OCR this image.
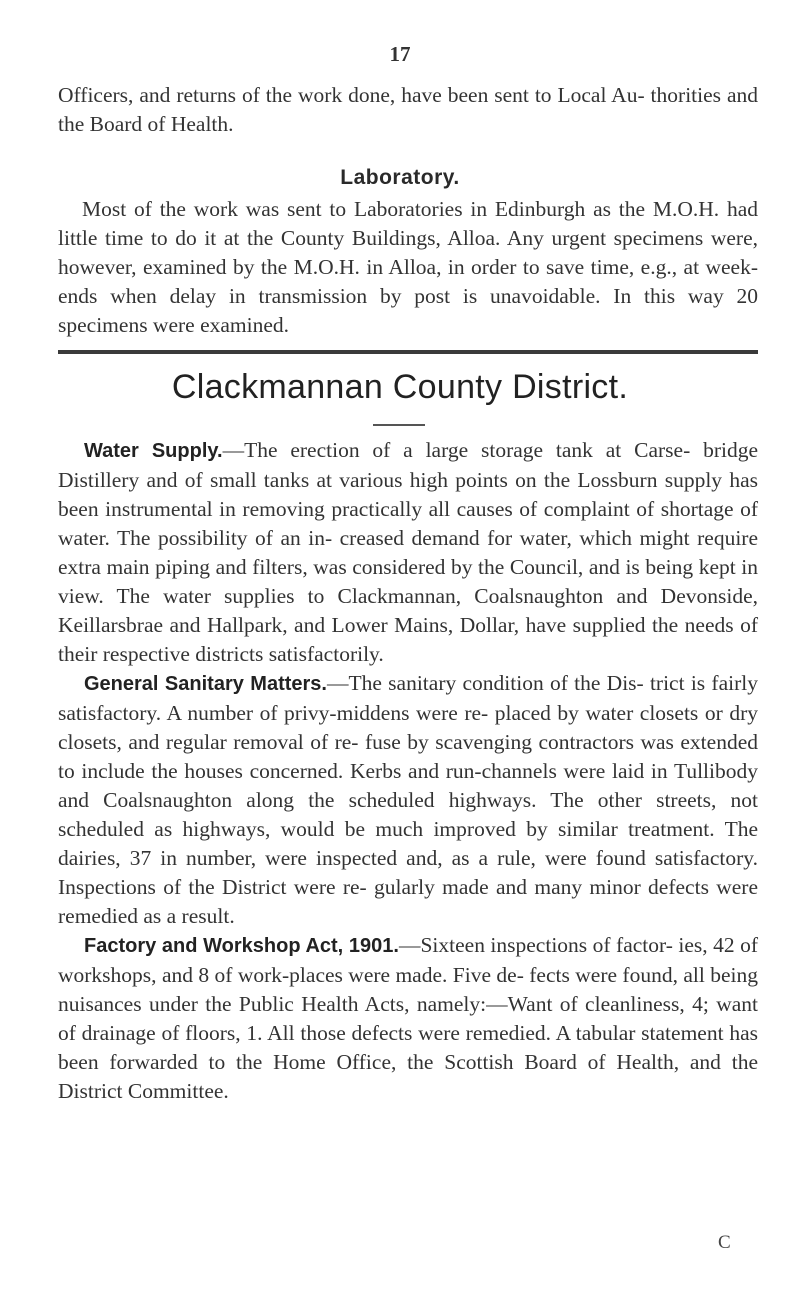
17

Officers, and returns of the work done, have been sent to Local Au- thorities and the Board of Health.

Laboratory.

Most of the work was sent to Laboratories in Edinburgh as the M.O.H. had little time to do it at the County Buildings, Alloa. Any urgent specimens were, however, examined by the M.O.H. in Alloa, in order to save time, e.g., at week-ends when delay in transmission by post is unavoidable. In this way 20 specimens were examined.

Clackmannan County District.

Water Supply.—The erection of a large storage tank at Carse- bridge Distillery and of small tanks at various high points on the Lossburn supply has been instrumental in removing practically all causes of complaint of shortage of water. The possibility of an in- creased demand for water, which might require extra main piping and filters, was considered by the Council, and is being kept in view. The water supplies to Clackmannan, Coalsnaughton and Devonside, Keillarsbrae and Hallpark, and Lower Mains, Dollar, have supplied the needs of their respective districts satisfactorily.

General Sanitary Matters.—The sanitary condition of the Dis- trict is fairly satisfactory. A number of privy-middens were re- placed by water closets or dry closets, and regular removal of re- fuse by scavenging contractors was extended to include the houses concerned. Kerbs and run-channels were laid in Tullibody and Coalsnaughton along the scheduled highways. The other streets, not scheduled as highways, would be much improved by similar treatment. The dairies, 37 in number, were inspected and, as a rule, were found satisfactory. Inspections of the District were re- gularly made and many minor defects were remedied as a result.

Factory and Workshop Act, 1901.—Sixteen inspections of factor- ies, 42 of workshops, and 8 of work-places were made. Five de- fects were found, all being nuisances under the Public Health Acts, namely:—Want of cleanliness, 4; want of drainage of floors, 1. All those defects were remedied. A tabular statement has been forwarded to the Home Office, the Scottish Board of Health, and the District Committee.

C
